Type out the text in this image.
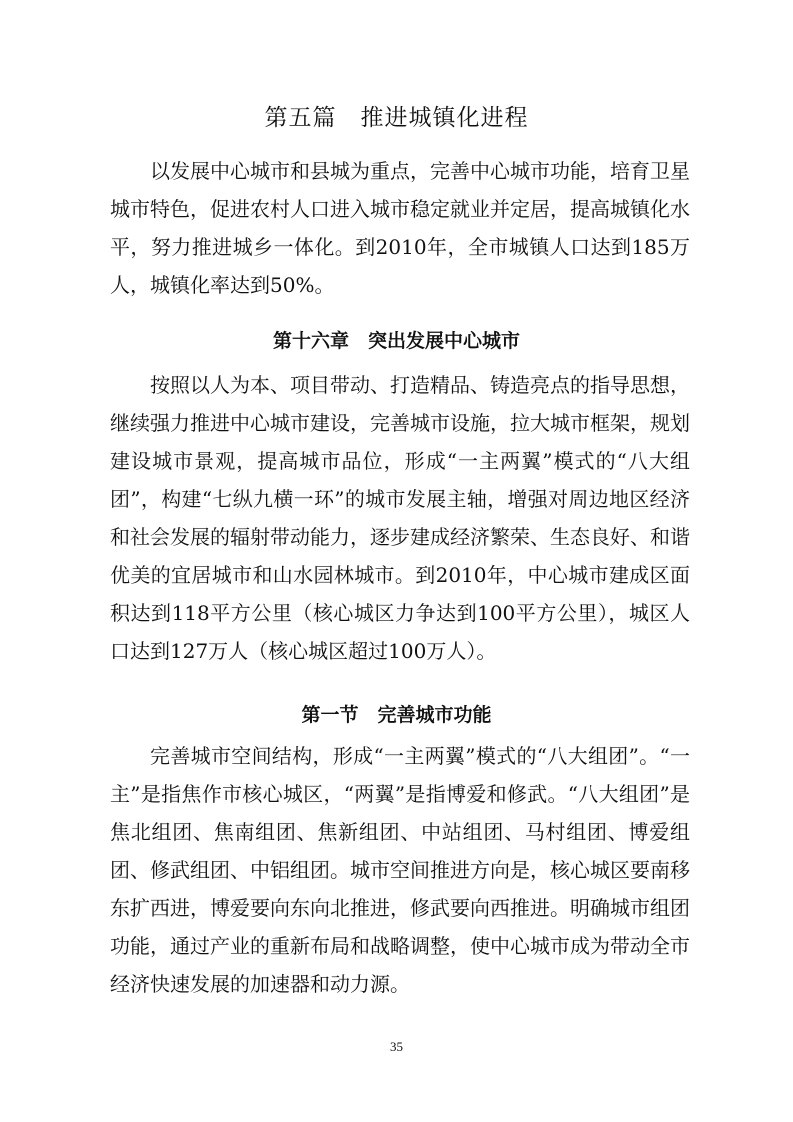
第五篇　推进城镇化进程

以发展中心城市和县城为重点，完善中心城市功能，培育卫星城市特色，促进农村人口进入城市稳定就业并定居，提高城镇化水平，努力推进城乡一体化。到2010年，全市城镇人口达到185万人，城镇化率达到50%。

第十六章　突出发展中心城市

按照以人为本、项目带动、打造精品、铸造亮点的指导思想，继续强力推进中心城市建设，完善城市设施，拉大城市框架，规划建设城市景观，提高城市品位，形成“一主两翼”模式的“八大组团”，构建“七纵九横一环”的城市发展主轴，增强对周边地区经济和社会发展的辐射带动能力，逐步建成经济繁荣、生态良好、和谐优美的宜居城市和山水园林城市。到2010年，中心城市建成区面积达到118平方公里（核心城区力争达到100平方公里），城区人口达到127万人（核心城区超过100万人）。

第一节　完善城市功能

完善城市空间结构，形成“一主两翼”模式的“八大组团”。“一主”是指焦作市核心城区，“两翼”是指博爱和修武。“八大组团”是焦北组团、焦南组团、焦新组团、中站组团、马村组团、博爱组团、修武组团、中铝组团。城市空间推进方向是，核心城区要南移东扩西进，博爱要向东向北推进，修武要向西推进。明确城市组团功能，通过产业的重新布局和战略调整，使中心城市成为带动全市经济快速发展的加速器和动力源。

35
